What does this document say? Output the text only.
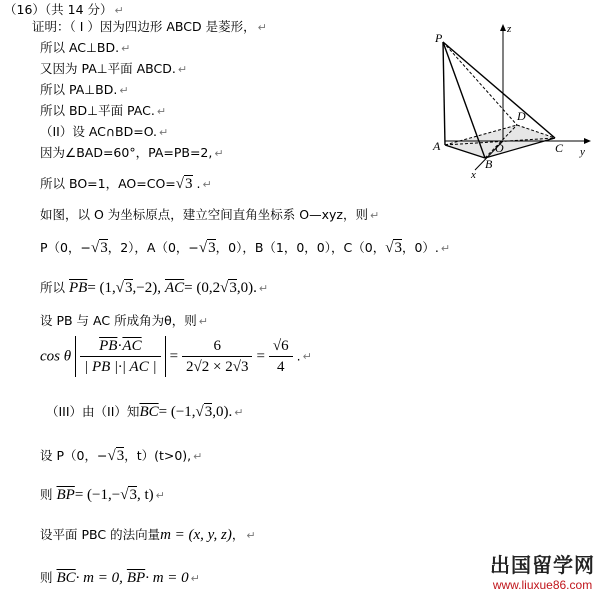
（16）（共 14 分） ↵
证明：（ I ）因为四边形 ABCD 是菱形， ↵
所以 AC⊥BD. ↵
又因为 PA⊥平面 ABCD. ↵
所以 PA⊥BD. ↵
所以 BD⊥平面 PAC. ↵
（II）设 AC∩BD=O. ↵
因为∠BAD=60°，PA=PB=2, ↵
所以 BO=1，AO=CO=√3 . ↵
如图，以 O 为坐标原点，建立空间直角坐标系 O—xyz，则 ↵
P（0，−√3，2），A（0，−√3，0），B（1，0，0），C（0，√3，0）. ↵
所以 $\overline{PB}= (1,√3,-2)$, $\overline{AC}= (0,2√3,0)$. ↵
设 PB 与 AC 所成角为θ，则 ↵
cos θ $\frac{\overline{PB}\cdot\overline{AC}}{| PB |\cdot| AC |} = \frac{6}{2√2 \times 2√3} = \frac{√6}{4}$ . ↵
（III）由（II）知$\overline{BC}= (-1,√3,0)$. ↵
设 P（0，−√3，t）(t>0), ↵
则 $\overline{BP}= (-1,-√3$, t) ↵
设平面 PBC 的法向量m = (x, y, z)， ↵
则 $\overline{BC}\cdot m = 0$, $\overline{BP}\cdot m = 0$ ↵
P
A
B
C
D
O
x
y
z
出国留学网
www.liuxue86.com
